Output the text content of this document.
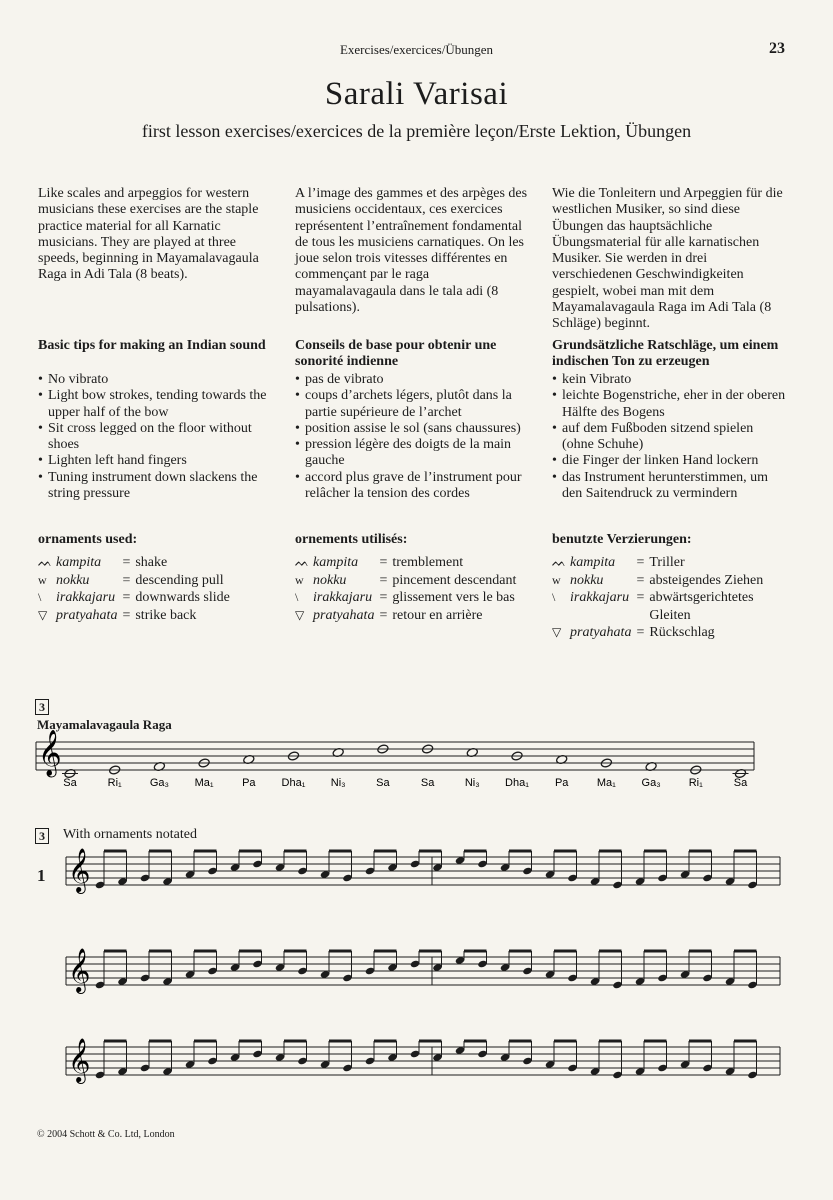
Exercises/exercices/Übungen	23
Sarali Varisai
first lesson exercises/exercices de la première leçon/Erste Lektion, Übungen
Like scales and arpeggios for western musicians these exercises are the staple practice material for all Karnatic musicians. They are played at three speeds, beginning in Mayamalavagaula Raga in Adi Tala (8 beats).
Basic tips for making an Indian sound
• No vibrato
• Light bow strokes, tending towards the upper half of the bow
• Sit cross legged on the floor without shoes
• Lighten left hand fingers
• Tuning instrument down slackens the string pressure
ornaments used:
ᨓ	kampita	=	shake
w	nokku	=	descending pull
\	irakkajaru	=	downwards slide
▽	pratyahata	=	strike back
A l’image des gammes et des arpèges des musiciens occidentaux, ces exercices représentent l’entraînement fondamental de tous les musiciens carnatiques. On les joue selon trois vitesses différentes en commençant par le raga mayamalavagaula dans le tala adi (8 pulsations).
Conseils de base pour obtenir une sonorité indienne
• pas de vibrato
• coups d’archets légers, plutôt dans la partie supérieure de l’archet
• position assise le sol (sans chaussures)
• pression légère des doigts de la main gauche
• accord plus grave de l’instrument pour relâcher la tension des cordes
ornements utilisés:
ᨓ	kampita	=	tremblement
w	nokku	=	pincement descendant
\	irakkajaru	=	glissement vers le bas
▽	pratyahata	=	retour en arrière
Wie die Tonleitern und Arpeggien für die westlichen Musiker, so sind diese Übungen das hauptsächliche Übungsmaterial für alle karnatischen Musiker. Sie werden in drei verschiedenen Geschwindigkeiten gespielt, wobei man mit dem Mayamalavagaula Raga im Adi Tala (8 Schläge) beginnt.
Grundsätzliche Ratschläge, um einem indischen Ton zu erzeugen
• kein Vibrato
• leichte Bogenstriche, eher in der oberen Hälfte des Bogens
• auf dem Fußboden sitzend spielen (ohne Schuhe)
• die Finger der linken Hand lockern
• das Instrument herunterstimmen, um den Saitendruck zu vermindern
benutzte Verzierungen:
ᨓ	kampita	=	Triller
w	nokku	=	absteigendes Ziehen
\	irakkajaru	=	abwärtsgerichtetes Gleiten
▽	pratyahata	=	Rückschlag
3
Mayamalavagaula Raga
𝄞
Sa	Ri₁	Ga₃ Ma₁	Pa Dha₁ Ni₃	Sa	Sa	Ni₃ Dha₁ Pa	Ma₁ Ga₃	Ri₁	Sa
3 With ornaments notated
1 𝄞
𝄞
𝄞
© 2004 Schott & Co. Ltd, London
